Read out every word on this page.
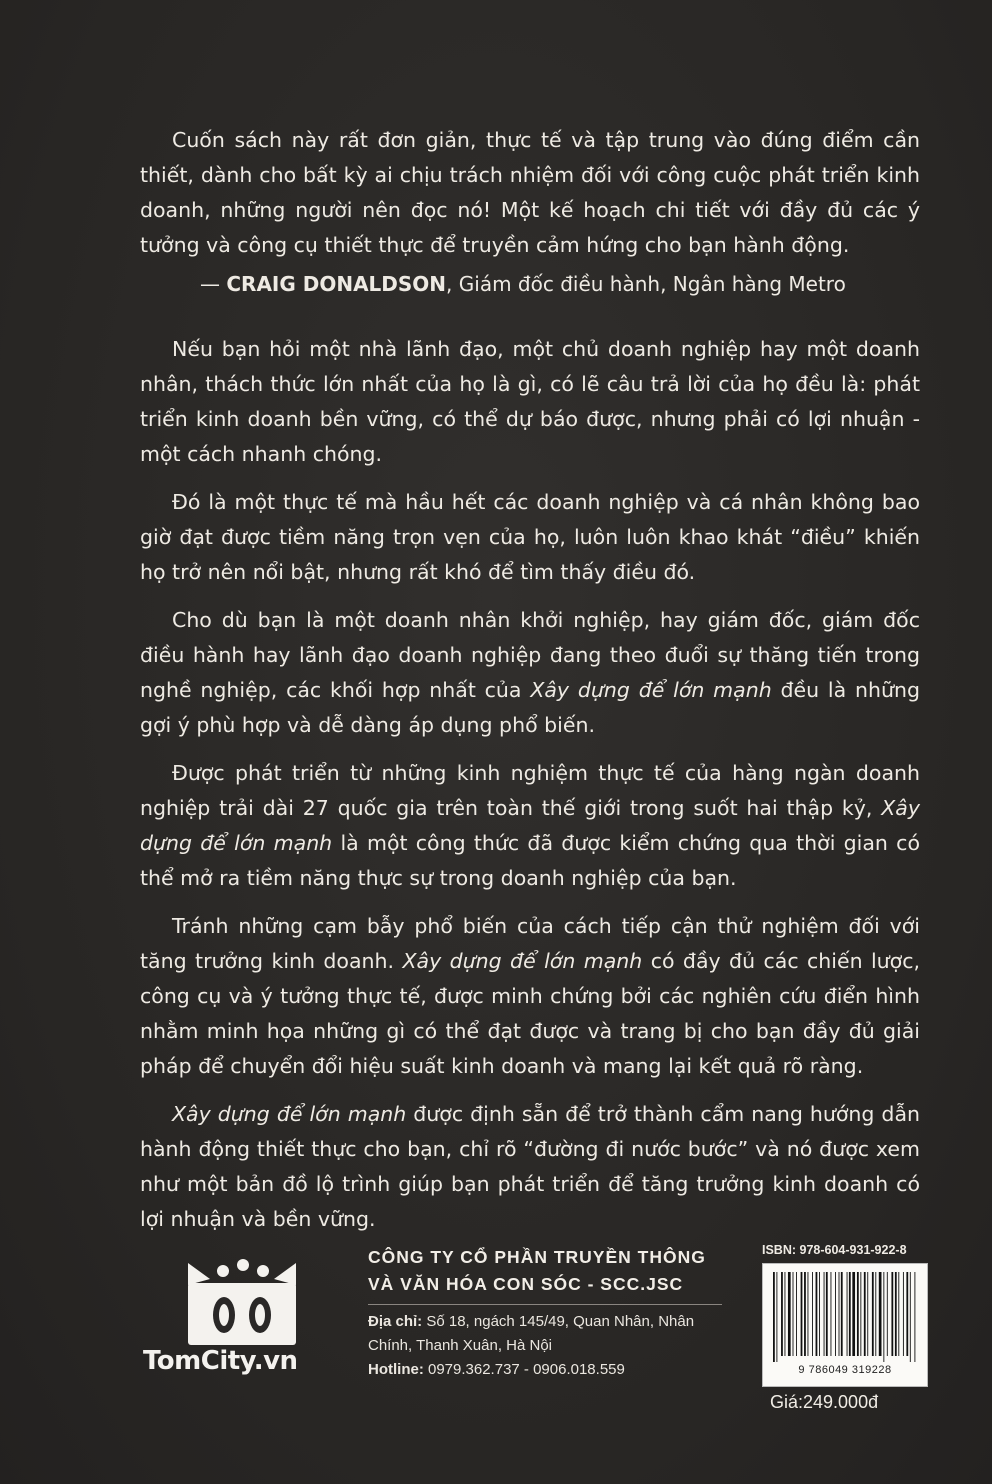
Cuốn sách này rất đơn giản, thực tế và tập trung vào đúng điểm cần thiết, dành cho bất kỳ ai chịu trách nhiệm đối với công cuộc phát triển kinh doanh, những người nên đọc nó! Một kế hoạch chi tiết với đầy đủ các ý tưởng và công cụ thiết thực để truyền cảm hứng cho bạn hành động.

— CRAIG DONALDSON, Giám đốc điều hành, Ngân hàng Metro

Nếu bạn hỏi một nhà lãnh đạo, một chủ doanh nghiệp hay một doanh nhân, thách thức lớn nhất của họ là gì, có lẽ câu trả lời của họ đều là: phát triển kinh doanh bền vững, có thể dự báo được, nhưng phải có lợi nhuận - một cách nhanh chóng.

Đó là một thực tế mà hầu hết các doanh nghiệp và cá nhân không bao giờ đạt được tiềm năng trọn vẹn của họ, luôn luôn khao khát “điều” khiến họ trở nên nổi bật, nhưng rất khó để tìm thấy điều đó.

Cho dù bạn là một doanh nhân khởi nghiệp, hay giám đốc, giám đốc điều hành hay lãnh đạo doanh nghiệp đang theo đuổi sự thăng tiến trong nghề nghiệp, các khối hợp nhất của Xây dựng để lớn mạnh đều là những gợi ý phù hợp và dễ dàng áp dụng phổ biến.

Được phát triển từ những kinh nghiệm thực tế của hàng ngàn doanh nghiệp trải dài 27 quốc gia trên toàn thế giới trong suốt hai thập kỷ, Xây dựng để lớn mạnh là một công thức đã được kiểm chứng qua thời gian có thể mở ra tiềm năng thực sự trong doanh nghiệp của bạn.

Tránh những cạm bẫy phổ biến của cách tiếp cận thử nghiệm đối với tăng trưởng kinh doanh. Xây dựng để lớn mạnh có đầy đủ các chiến lược, công cụ và ý tưởng thực tế, được minh chứng bởi các nghiên cứu điển hình nhằm minh họa những gì có thể đạt được và trang bị cho bạn đầy đủ giải pháp để chuyển đổi hiệu suất kinh doanh và mang lại kết quả rõ ràng.

Xây dựng để lớn mạnh được định sẵn để trở thành cẩm nang hướng dẫn hành động thiết thực cho bạn, chỉ rõ “đường đi nước bước” và nó được xem như một bản đồ lộ trình giúp bạn phát triển để tăng trưởng kinh doanh có lợi nhuận và bền vững.

TomCity.vn
CÔNG TY CỔ PHẦN TRUYỀN THÔNG
VÀ VĂN HÓA CON SÓC - SCC.JSC
Địa chỉ: Số 18, ngách 145/49, Quan Nhân, Nhân Chính, Thanh Xuân, Hà Nội
Hotline: 0979.362.737 - 0906.018.559
ISBN: 978-604-931-922-8
9 786049 319228
Giá:249.000đ
